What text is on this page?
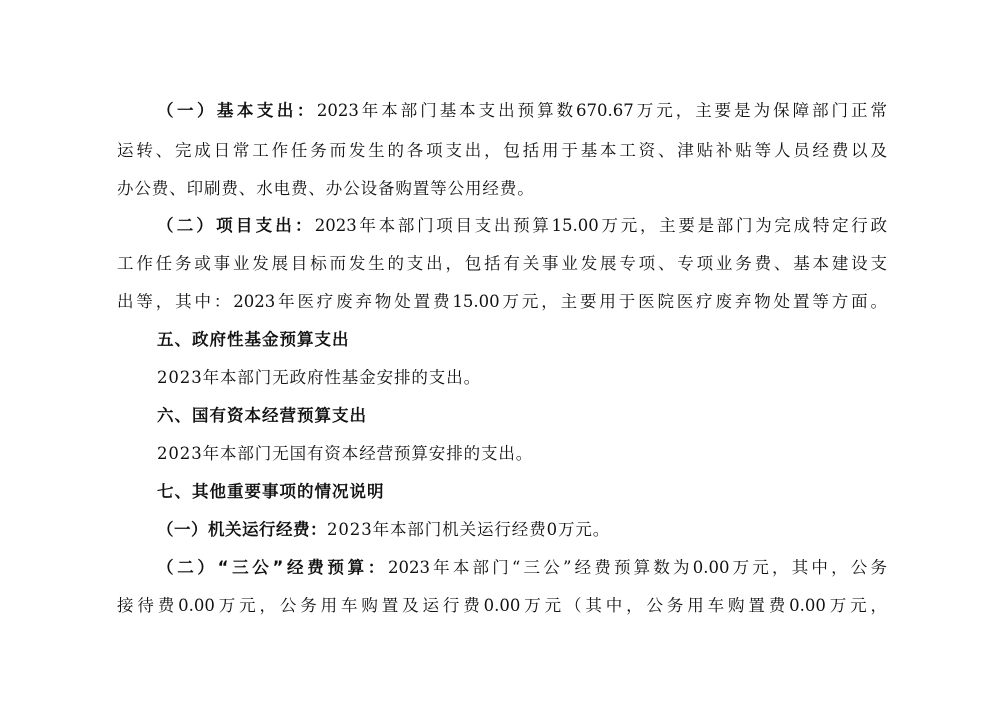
（一）基本支出：2023年本部门基本支出预算数670.67万元，主要是为保障部门正常
运转、完成日常工作任务而发生的各项支出，包括用于基本工资、津贴补贴等人员经费以及
办公费、印刷费、水电费、办公设备购置等公用经费。
（二）项目支出：2023年本部门项目支出预算15.00万元，主要是部门为完成特定行政
工作任务或事业发展目标而发生的支出，包括有关事业发展专项、专项业务费、基本建设支
出等，其中：2023年医疗废弃物处置费15.00万元，主要用于医院医疗废弃物处置等方面。
五、政府性基金预算支出
2023年本部门无政府性基金安排的支出。
六、国有资本经营预算支出
2023年本部门无国有资本经营预算安排的支出。
七、其他重要事项的情况说明
（一）机关运行经费：2023年本部门机关运行经费0万元。
（二）“三公”经费预算：2023年本部门“三公”经费预算数为0.00万元，其中，公务
接待费0.00万元，公务用车购置及运行费0.00万元（其中，公务用车购置费0.00万元，
